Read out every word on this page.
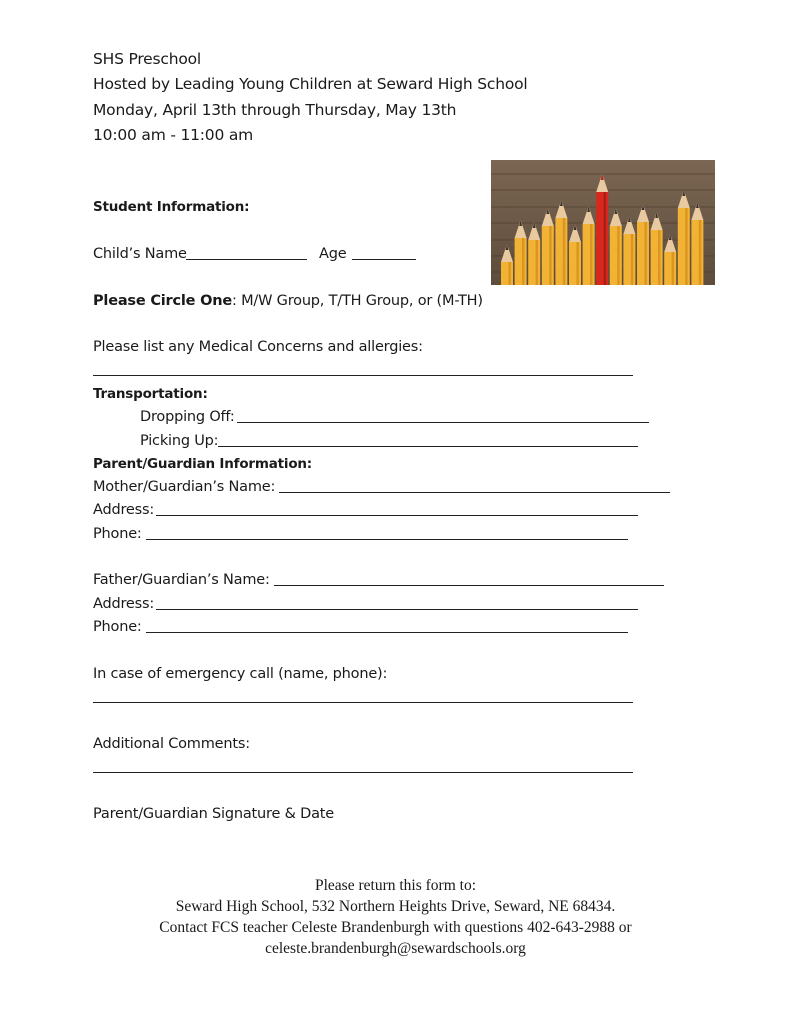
SHS Preschool
Hosted by Leading Young Children at Seward High School
Monday, April 13th through Thursday, May 13th
10:00 am - 11:00 am
Student Information:
Child’s Name	Age
Please Circle One: M/W Group, T/TH Group, or (M-TH)
Please list any Medical Concerns and allergies:
Transportation:
Dropping Off:
Picking Up:
Parent/Guardian Information:
Mother/Guardian’s Name:
Address:
Phone:
Father/Guardian’s Name:
Address:
Phone:
In case of emergency call (name, phone):
Additional Comments:
Parent/Guardian Signature & Date
Please return this form to:
Seward High School, 532 Northern Heights Drive, Seward, NE 68434.
Contact FCS teacher Celeste Brandenburgh with questions 402-643-2988 or
celeste.brandenburgh@sewardschools.org
